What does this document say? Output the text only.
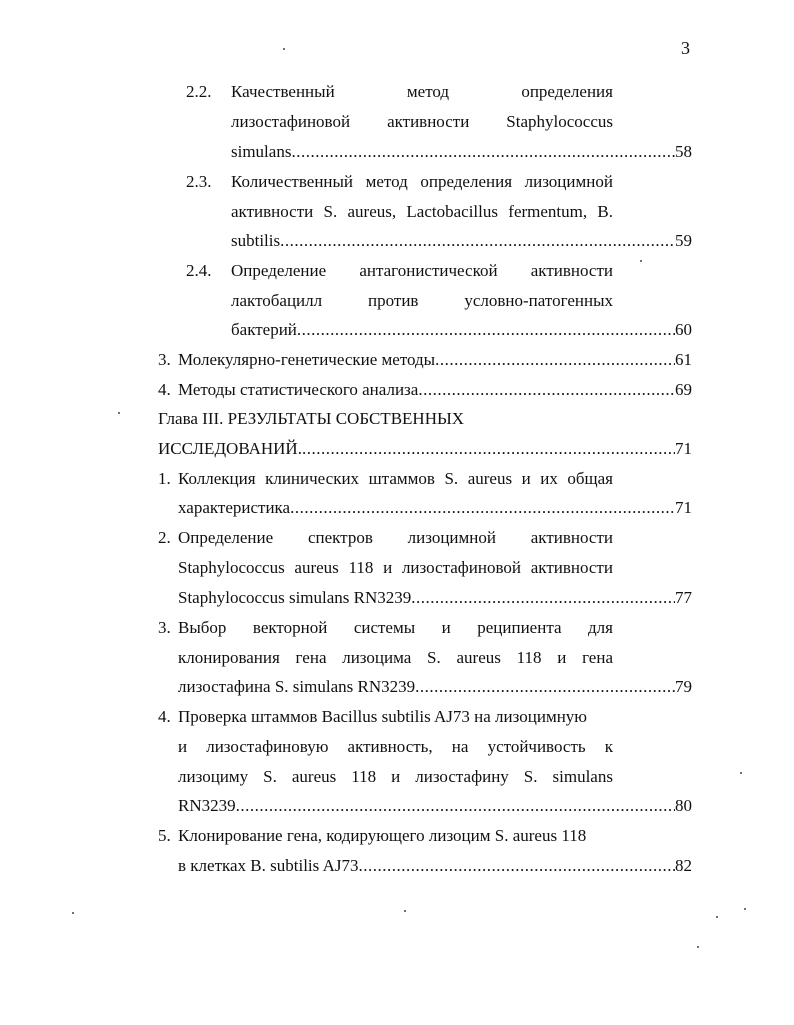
3
2.2. Качественный	метод	определения
лизостафиновой активности Staphylococcus
simulans .....	58
2.3. Количественный метод определения лизоцимной
активности S. aureus, Lactobacillus fermentum, B.
subtilis .....	59
2.4. Определение антагонистической активности
лактобацилл	против	условно-патогенных
бактерий .....	60
3. Молекулярно-генетические методы .....	61
4. Методы статистического анализа .....	69
Глава III. РЕЗУЛЬТАТЫ СОБСТВЕННЫХ
ИССЛЕДОВАНИЙ. .....	71
1. Коллекция клинических штаммов S. aureus и их общая
характеристика .....	71
2. Определение спектров лизоцимной активности
Staphylococcus aureus 118 и лизостафиновой активности
Staphylococcus simulans RN3239 .....	77
3. Выбор векторной системы и реципиента для
клонирования гена лизоцима S. aureus 118 и гена
лизостафина S. simulans RN3239 .....	79
4. Проверка штаммов Bacillus subtilis AJ73 на лизоцимную
и лизостафиновую активность, на устойчивость к
лизоциму S. aureus 118 и лизостафину S. simulans
RN3239 .....	80
5. Клонирование гена, кодирующего лизоцим S. aureus 118
в клетках B. subtilis AJ73 .....	82
